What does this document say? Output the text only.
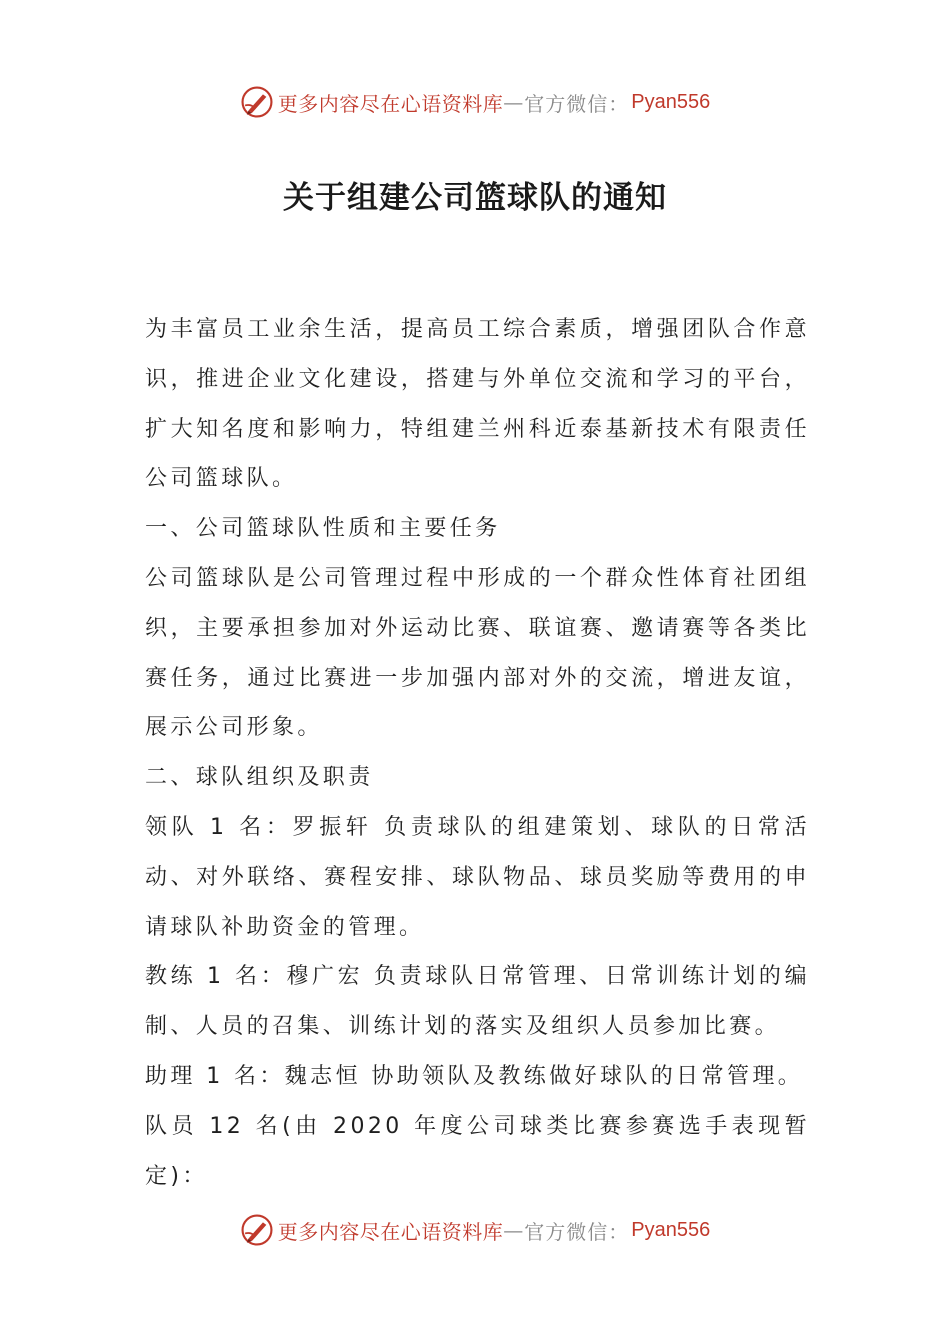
更多内容尽在心语资料库 — 官方微信： Pyan556
关于组建公司篮球队的通知

为丰富员工业余生活，提高员工综合素质，增强团队合作意识，推进企业文化建设，搭建与外单位交流和学习的平台，扩大知名度和影响力，特组建兰州科近泰基新技术有限责任公司篮球队。

一、公司篮球队性质和主要任务

公司篮球队是公司管理过程中形成的一个群众性体育社团组织，主要承担参加对外运动比赛、联谊赛、邀请赛等各类比赛任务，通过比赛进一步加强内部对外的交流，增进友谊，展示公司形象。

二、球队组织及职责

领队 1 名：罗振轩 负责球队的组建策划、球队的日常活动、对外联络、赛程安排、球队物品、球员奖励等费用的申请球队补助资金的管理。

教练 1 名：穆广宏 负责球队日常管理、日常训练计划的编制、人员的召集、训练计划的落实及组织人员参加比赛。

助理 1 名：魏志恒 协助领队及教练做好球队的日常管理。

队员 12 名(由 2020 年度公司球类比赛参赛选手表现暂定)：

更多内容尽在心语资料库 — 官方微信： Pyan556
